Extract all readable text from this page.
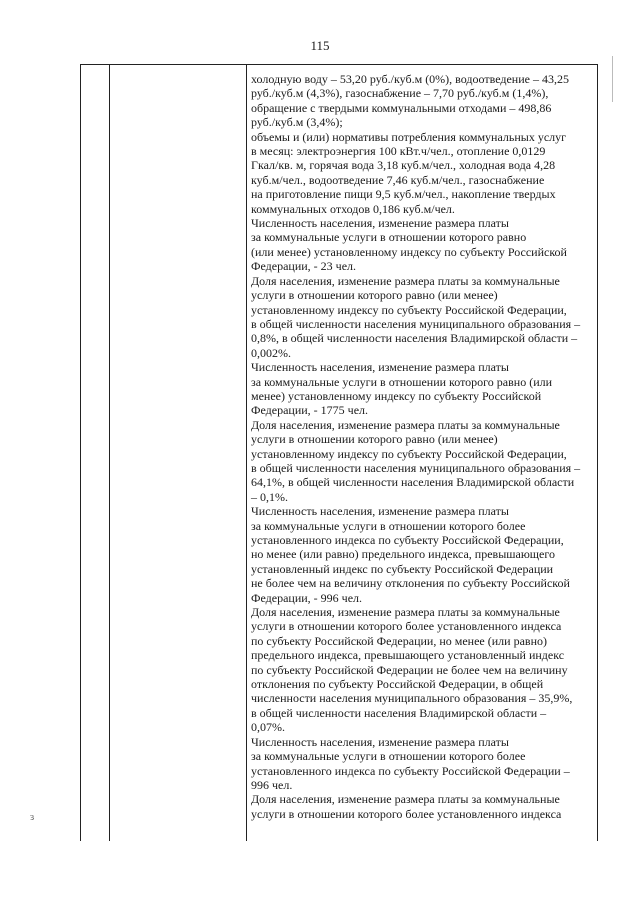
115
холодную воду – 53,20 руб./куб.м (0%), водоотведение – 43,25
руб./куб.м (4,3%), газоснабжение – 7,70 руб./куб.м (1,4%),
обращение с твердыми коммунальными отходами – 498,86
руб./куб.м (3,4%);
объемы и (или) нормативы потребления коммунальных услуг
в месяц: электроэнергия 100 кВт.ч/чел., отопление 0,0129
Гкал/кв. м, горячая вода 3,18 куб.м/чел., холодная вода 4,28
куб.м/чел., водоотведение 7,46 куб.м/чел., газоснабжение
на приготовление пищи 9,5 куб.м/чел., накопление твердых
коммунальных отходов 0,186 куб.м/чел.
Численность населения, изменение размера платы
за коммунальные услуги в отношении которого равно
(или менее) установленному индексу по субъекту Российской
Федерации, - 23 чел.
Доля населения, изменение размера платы за коммунальные
услуги в отношении которого равно (или менее)
установленному индексу по субъекту Российской Федерации,
в общей численности населения муниципального образования –
0,8%, в общей численности населения Владимирской области –
0,002%.
Численность населения, изменение размера платы
за коммунальные услуги в отношении которого равно (или
менее) установленному индексу по субъекту Российской
Федерации, - 1775 чел.
Доля населения, изменение размера платы за коммунальные
услуги в отношении которого равно (или менее)
установленному индексу по субъекту Российской Федерации,
в общей численности населения муниципального образования –
64,1%, в общей численности населения Владимирской области
– 0,1%.
Численность населения, изменение размера платы
за коммунальные услуги в отношении которого более
установленного индекса по субъекту Российской Федерации,
но менее (или равно) предельного индекса, превышающего
установленный индекс по субъекту Российской Федерации
не более чем на величину отклонения по субъекту Российской
Федерации, - 996 чел.
Доля населения, изменение размера платы за коммунальные
услуги в отношении которого более установленного индекса
по субъекту Российской Федерации, но менее (или равно)
предельного индекса, превышающего установленный индекс
по субъекту Российской Федерации не более чем на величину
отклонения по субъекту Российской Федерации, в общей
численности населения муниципального образования – 35,9%,
в общей численности населения Владимирской области –
0,07%.
Численность населения, изменение размера платы
за коммунальные услуги в отношении которого более
установленного индекса по субъекту Российской Федерации –
996 чел.
Доля населения, изменение размера платы за коммунальные
услуги в отношении которого более установленного индекса
ɜ
